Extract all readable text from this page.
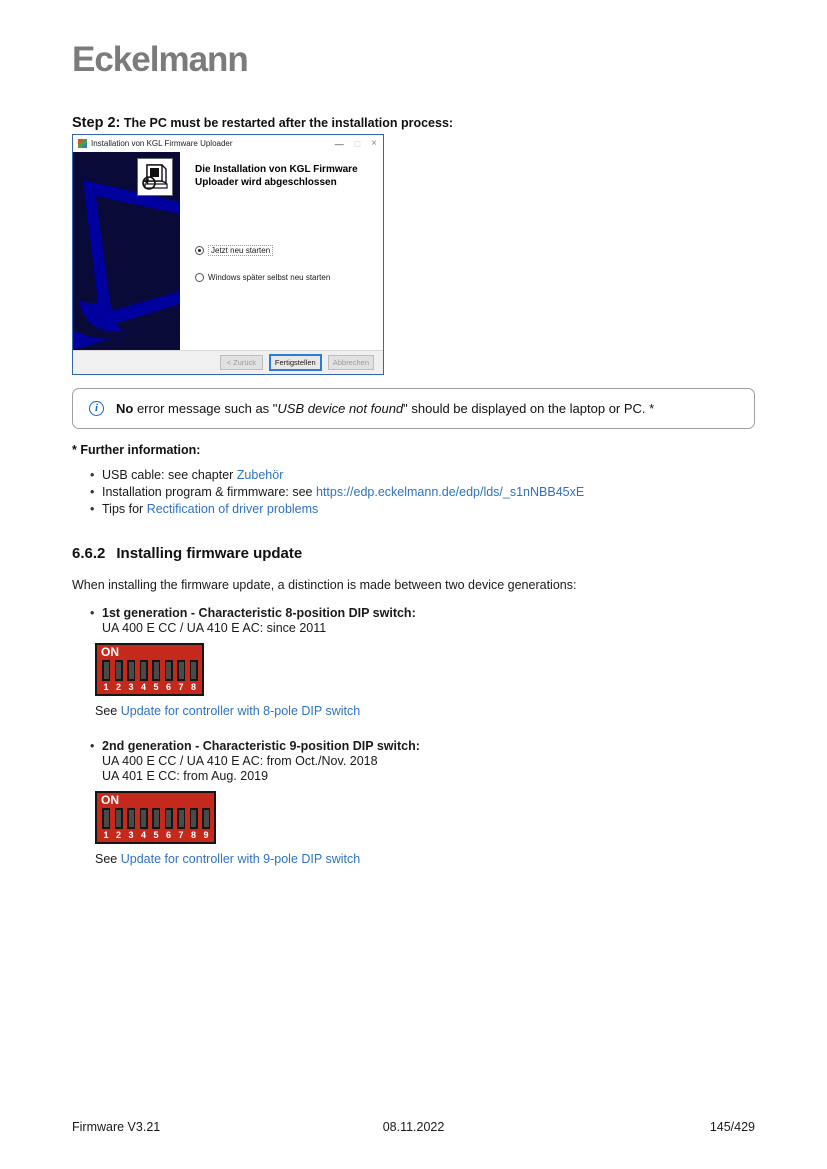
Eckelmann
Step 2: The PC must be restarted after the installation process:
Installation von KGL Firmware Uploader	— □ ×
Die Installation von KGL Firmware Uploader wird abgeschlossen
Jetzt neu starten
Windows später selbst neu starten
< Zurück	Fertigstellen	Abbrechen
i
No error message such as "USB device not found" should be displayed on the laptop or PC. *
* Further information:
• USB cable: see chapter Zubehör
• Installation program & firmmware: see https://edp.eckelmann.de/edp/lds/_s1nNBB45xE
• Tips for Rectification of driver problems
6.6.2 Installing firmware update
When installing the firmware update, a distinction is made between two device generations:
• 1st generation - Characteristic 8-position DIP switch:
UA 400 E CC / UA 410 E AC: since 2011
ON
1 2 3 4 5 6 7 8
See Update for controller with 8-pole DIP switch
• 2nd generation - Characteristic 9-position DIP switch:
UA 400 E CC / UA 410 E AC: from Oct./Nov. 2018
UA 401 E CC: from Aug. 2019
ON
1 2 3 4 5 6 7 8 9
See Update for controller with 9-pole DIP switch
Firmware V3.21	08.11.2022	145/429
